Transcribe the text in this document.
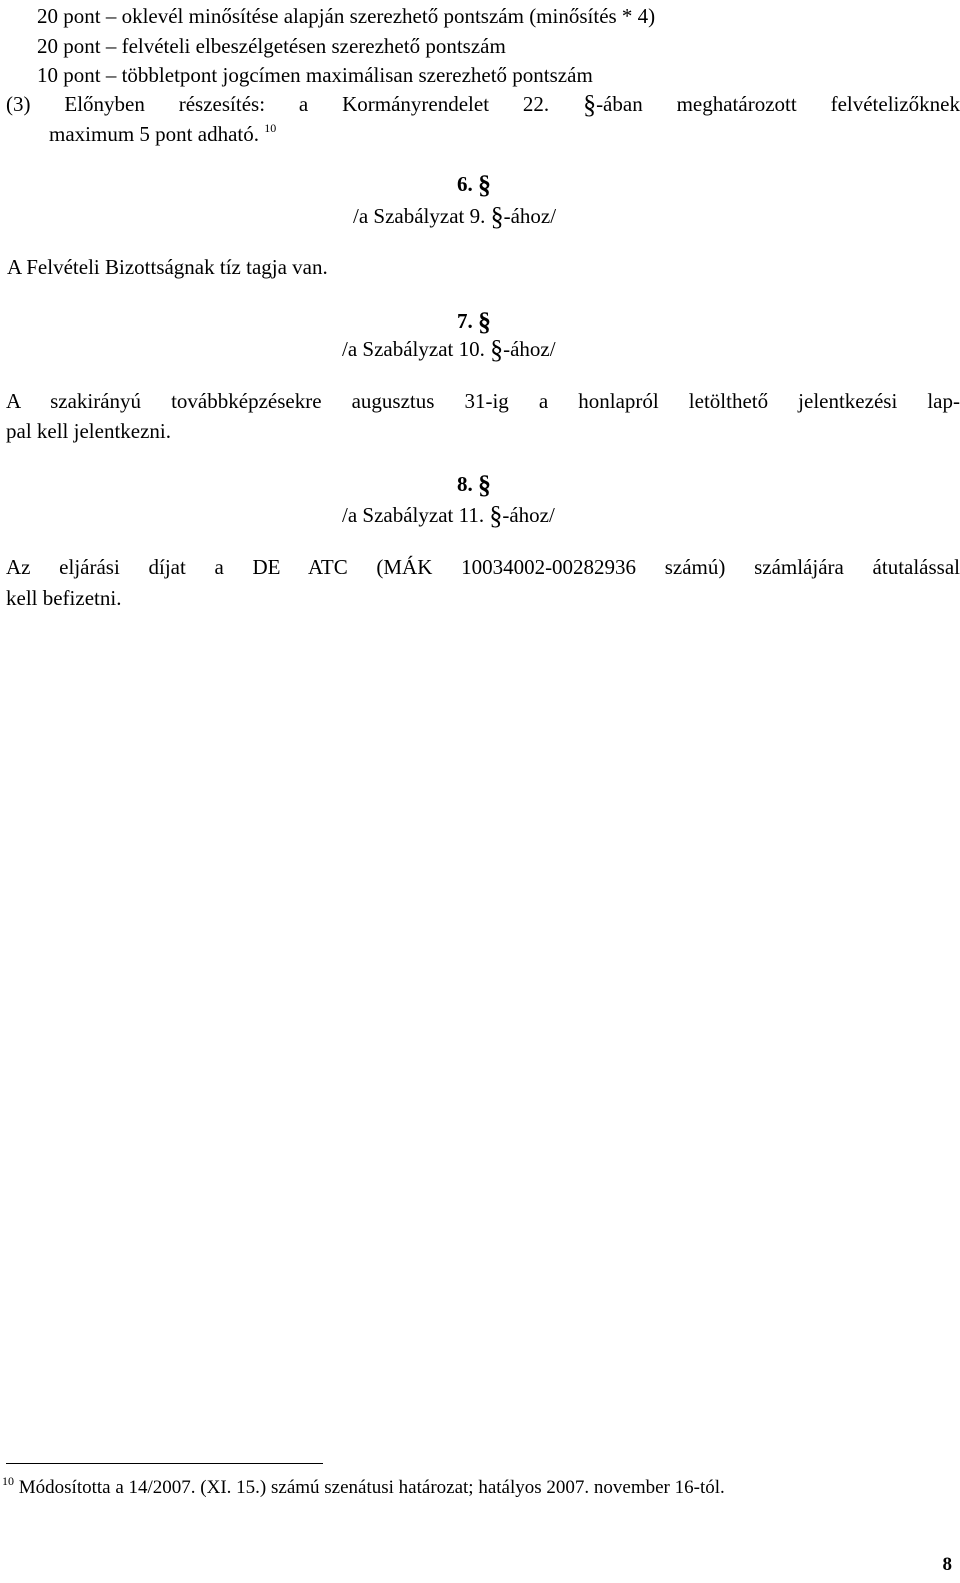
20 pont – oklevél minősítése alapján szerezhető pontszám (minősítés * 4)
20 pont – felvételi elbeszélgetésen szerezhető pontszám
10 pont – többletpont jogcímen maximálisan szerezhető pontszám
(3) Előnyben részesítés: a Kormányrendelet 22. §-ában meghatározott felvételizőknek
maximum 5 pont adható. $^{10}$
6. §
/a Szabályzat 9. §-ához/
A Felvételi Bizottságnak tíz tagja van.
7. §
/a Szabályzat 10. §-ához/
A szakirányú továbbképzésekre augusztus 31-ig a honlapról letölthető jelentkezési lap-
pal kell jelentkezni.
8. §
/a Szabályzat 11. §-ához/
Az eljárási díjat a DE ATC (MÁK 10034002-00282936 számú) számlájára átutalással
kell befizetni.
$^{10}$ Módosította a 14/2007. (XI. 15.) számú szenátusi határozat; hatályos 2007. november 16-tól.
8
